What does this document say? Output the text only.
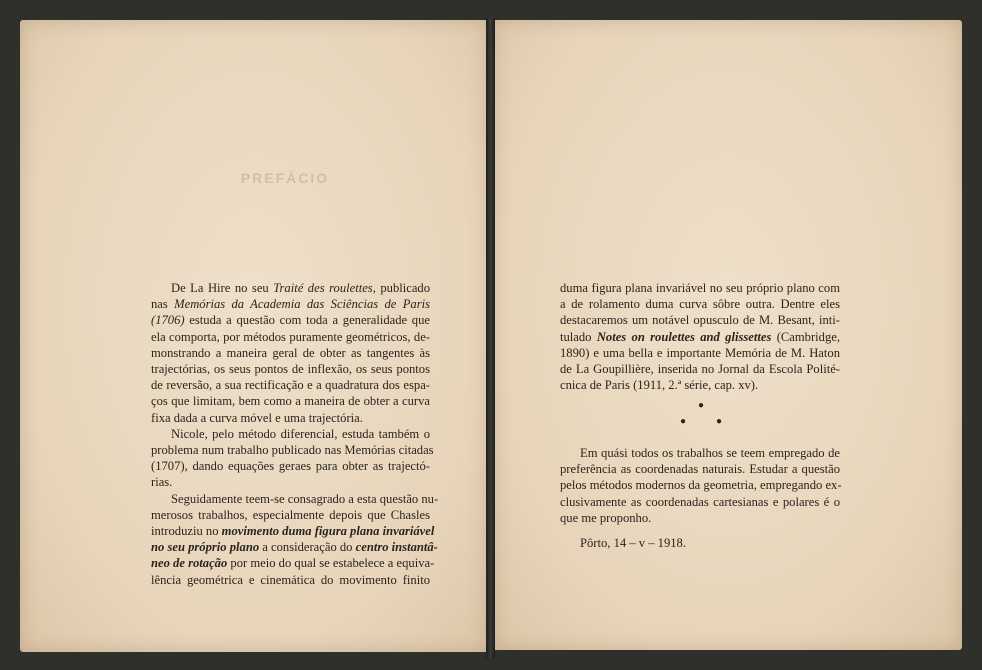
PREFÁCIO
De La Hire no seu Traité des roulettes, publicado
nas Memórias da Academia das Sciências de Paris
(1706) estuda a questão com toda a generalidade que
ela comporta, por métodos puramente geométricos, de-
monstrando a maneira geral de obter as tangentes às
trajectórias, os seus pontos de inflexão, os seus pontos
de reversão, a sua rectificação e a quadratura dos espa-
ços que limitam, bem como a maneira de obter a curva
fixa dada a curva móvel e uma trajectória.
Nicole, pelo método diferencial, estuda também o
problema num trabalho publicado nas Memórias citadas
(1707), dando equações geraes para obter as trajectó-
rias.
Seguidamente teem-se consagrado a esta questão nu-
merosos trabalhos, especialmente depois que Chasles
introduziu no movimento duma figura plana invariável
no seu próprio plano a consideração do centro instantâ-
neo de rotação por meio do qual se estabelece a equiva-
lência geométrica e cinemática do movimento finito
duma figura plana invariável no seu próprio plano com
a de rolamento duma curva sôbre outra. Dentre eles
destacaremos um notável opusculo de M. Besant, inti-
tulado Notes on roulettes and glissettes (Cambridge,
1890) e uma bella e importante Memória de M. Haton
de La Goupillière, inserida no Jornal da Escola Polité-
cnica de Paris (1911, 2.ª série, cap. xv).
●
●	●
Em quási todos os trabalhos se teem empregado de
preferência as coordenadas naturais. Estudar a questão
pelos métodos modernos da geometria, empregando ex-
clusivamente as coordenadas cartesianas e polares é o
que me proponho.
Pôrto, 14 – v – 1918.
